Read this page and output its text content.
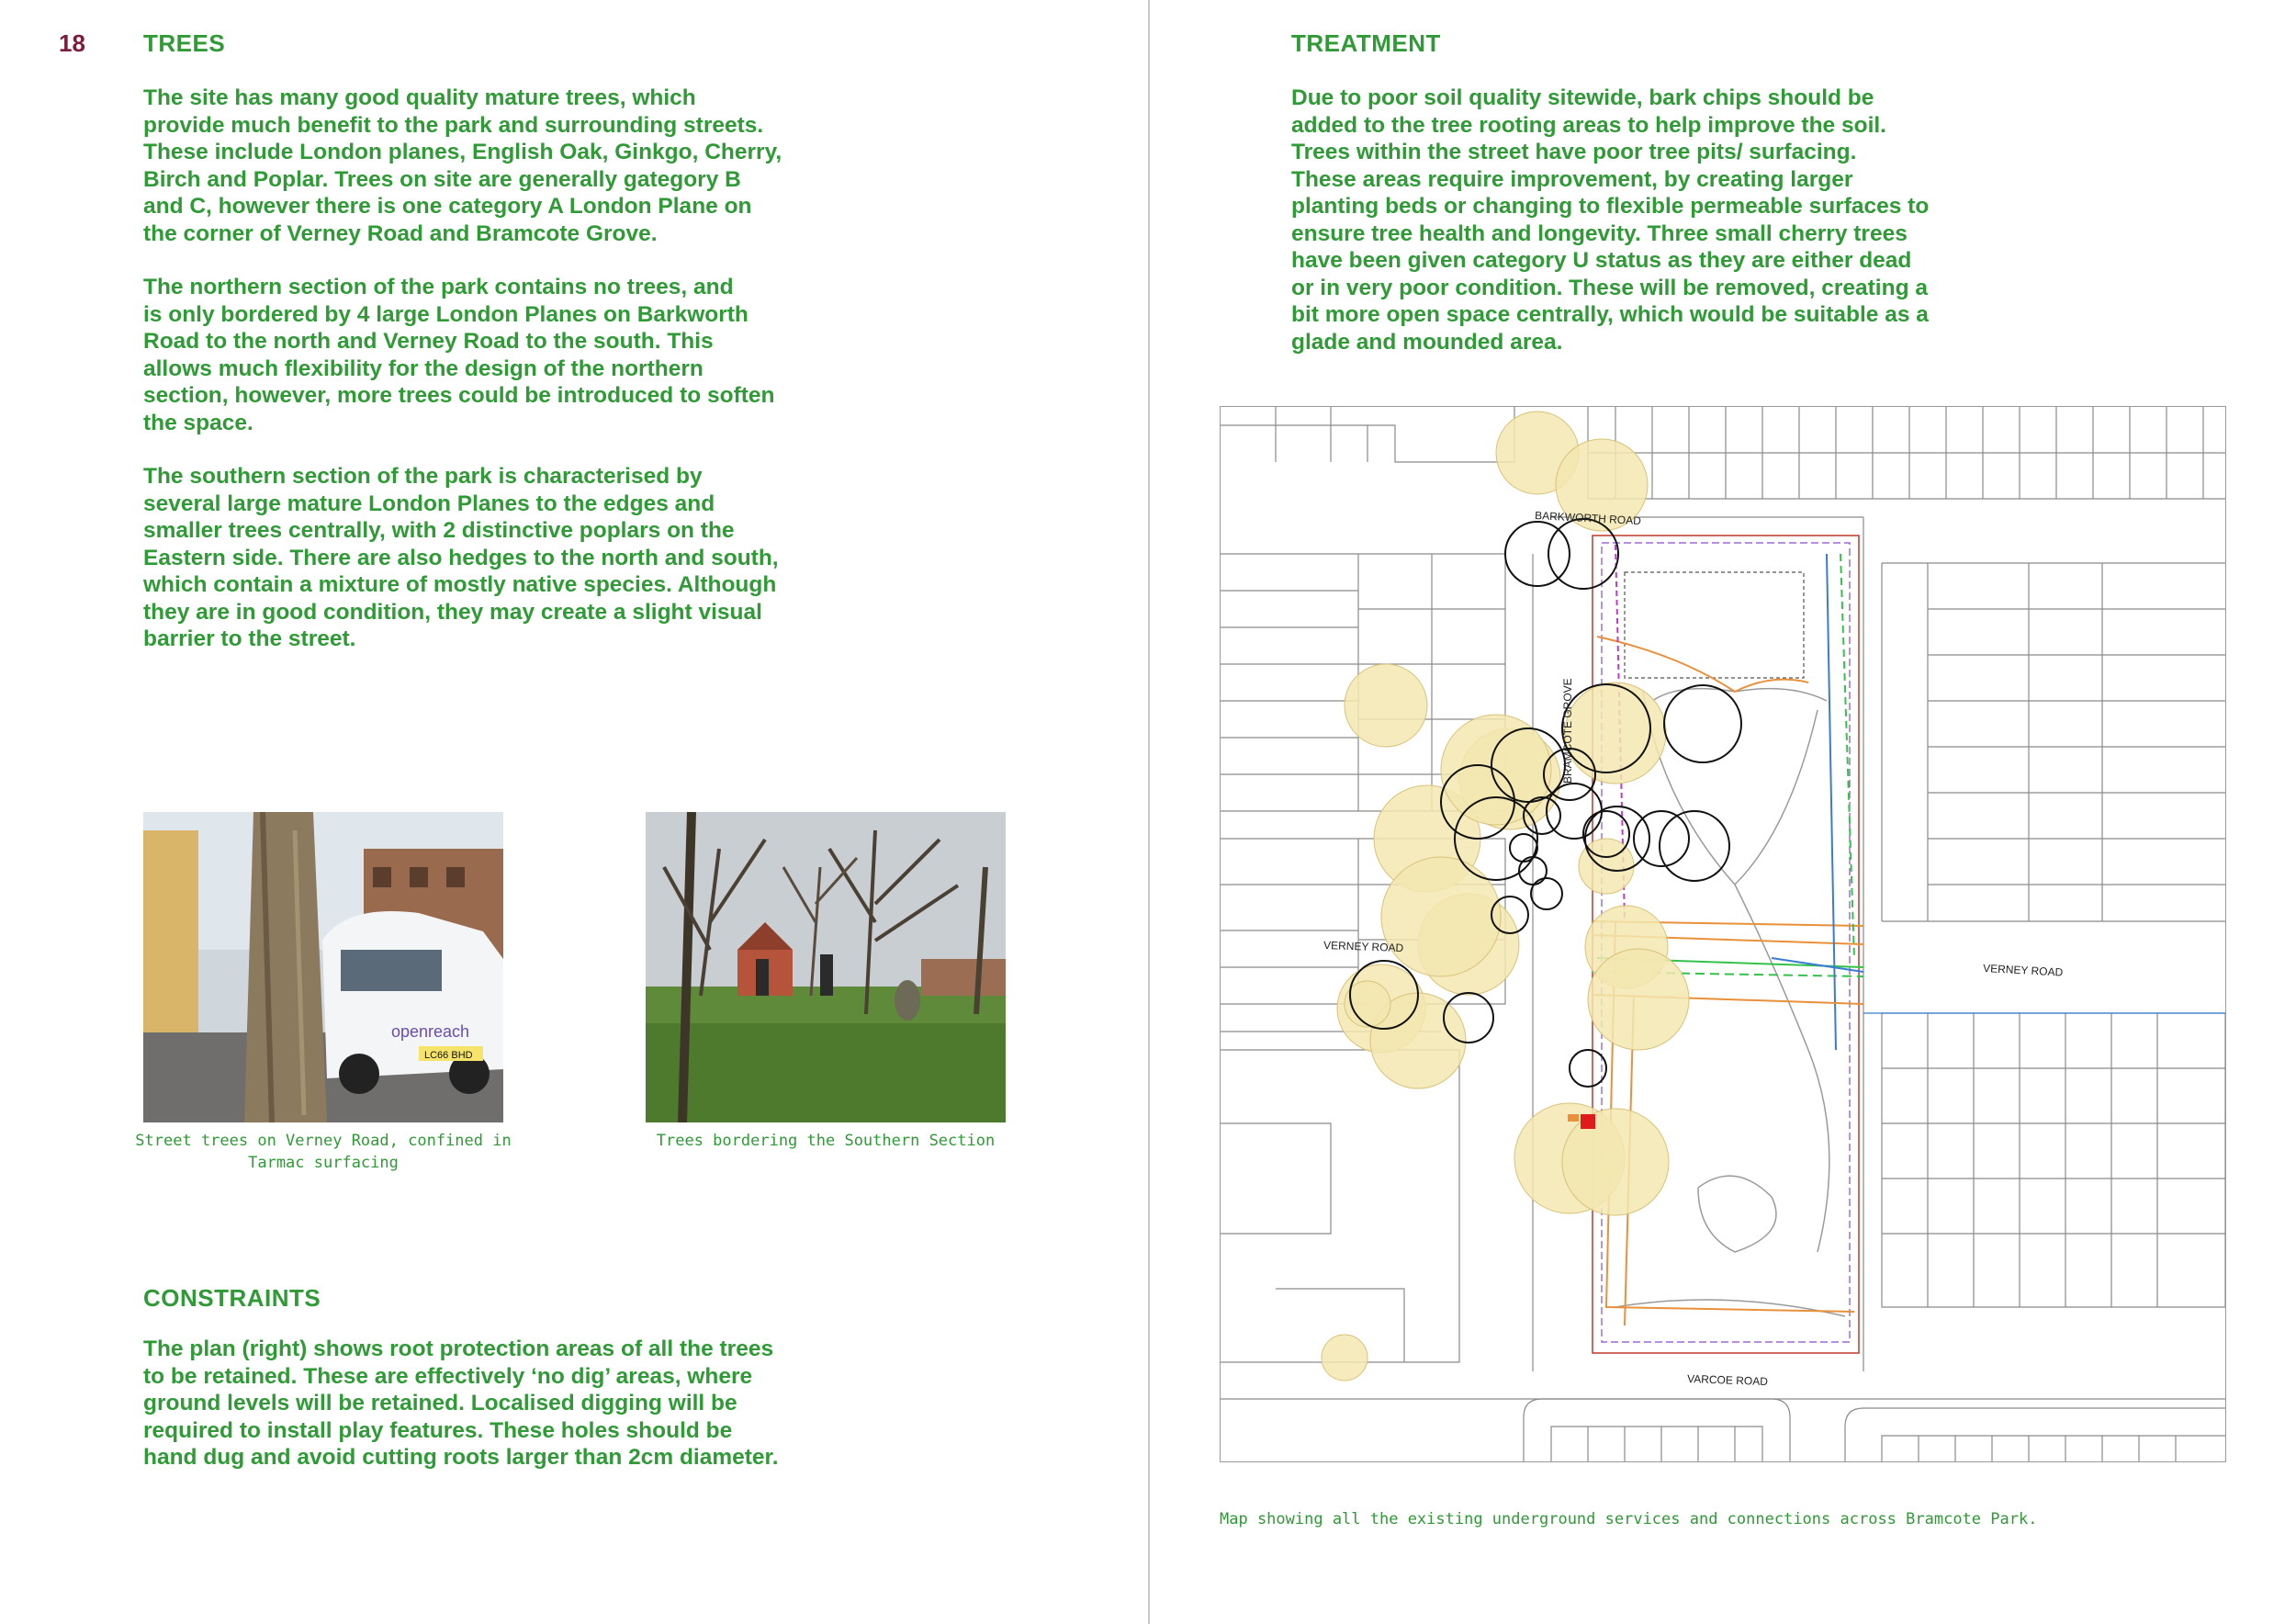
18 TREES
The site has many good quality mature trees, which
provide much benefit to the park and surrounding streets.
These include London planes, English Oak, Ginkgo, Cherry,
Birch and Poplar. Trees on site are generally gategory B
and C, however there is one category A London Plane on
the corner of Verney Road and Bramcote Grove.
The northern section of the park contains no trees, and
is only bordered by 4 large London Planes on Barkworth
Road to the north and Verney Road to the south. This
allows much flexibility for the design of the northern
section, however, more trees could be introduced to soften
the space.
The southern section of the park is characterised by
several large mature London Planes to the edges and
smaller trees centrally, with 2 distinctive poplars on the
Eastern side. There are also hedges to the north and south,
which contain a mixture of mostly native species. Although
they are in good condition, they may create a slight visual
barrier to the street.
openreach
LC66 BHD
Street trees on Verney Road, confined in
Tarmac surfacing
Trees bordering the Southern Section
CONSTRAINTS
The plan (right) shows root protection areas of all the trees
to be retained. These are effectively ‘no dig’ areas, where
ground levels will be retained. Localised digging will be
required to install play features. These holes should be
hand dug and avoid cutting roots larger than 2cm diameter.
TREATMENT
Due to poor soil quality sitewide, bark chips should be
added to the tree rooting areas to help improve the soil.
Trees within the street have poor tree pits/ surfacing.
These areas require improvement, by creating larger
planting beds or changing to flexible permeable surfaces to
ensure tree health and longevity. Three small cherry trees
have been given category U status as they are either dead
or in very poor condition. These will be removed, creating a
bit more open space centrally, which would be suitable as a
glade and mounded area.
BARKWORTH ROAD
BRAMCOTE GROVE
VERNEY ROAD
VERNEY ROAD
VARCOE ROAD
Map showing all the existing underground services and connections across Bramcote Park.
